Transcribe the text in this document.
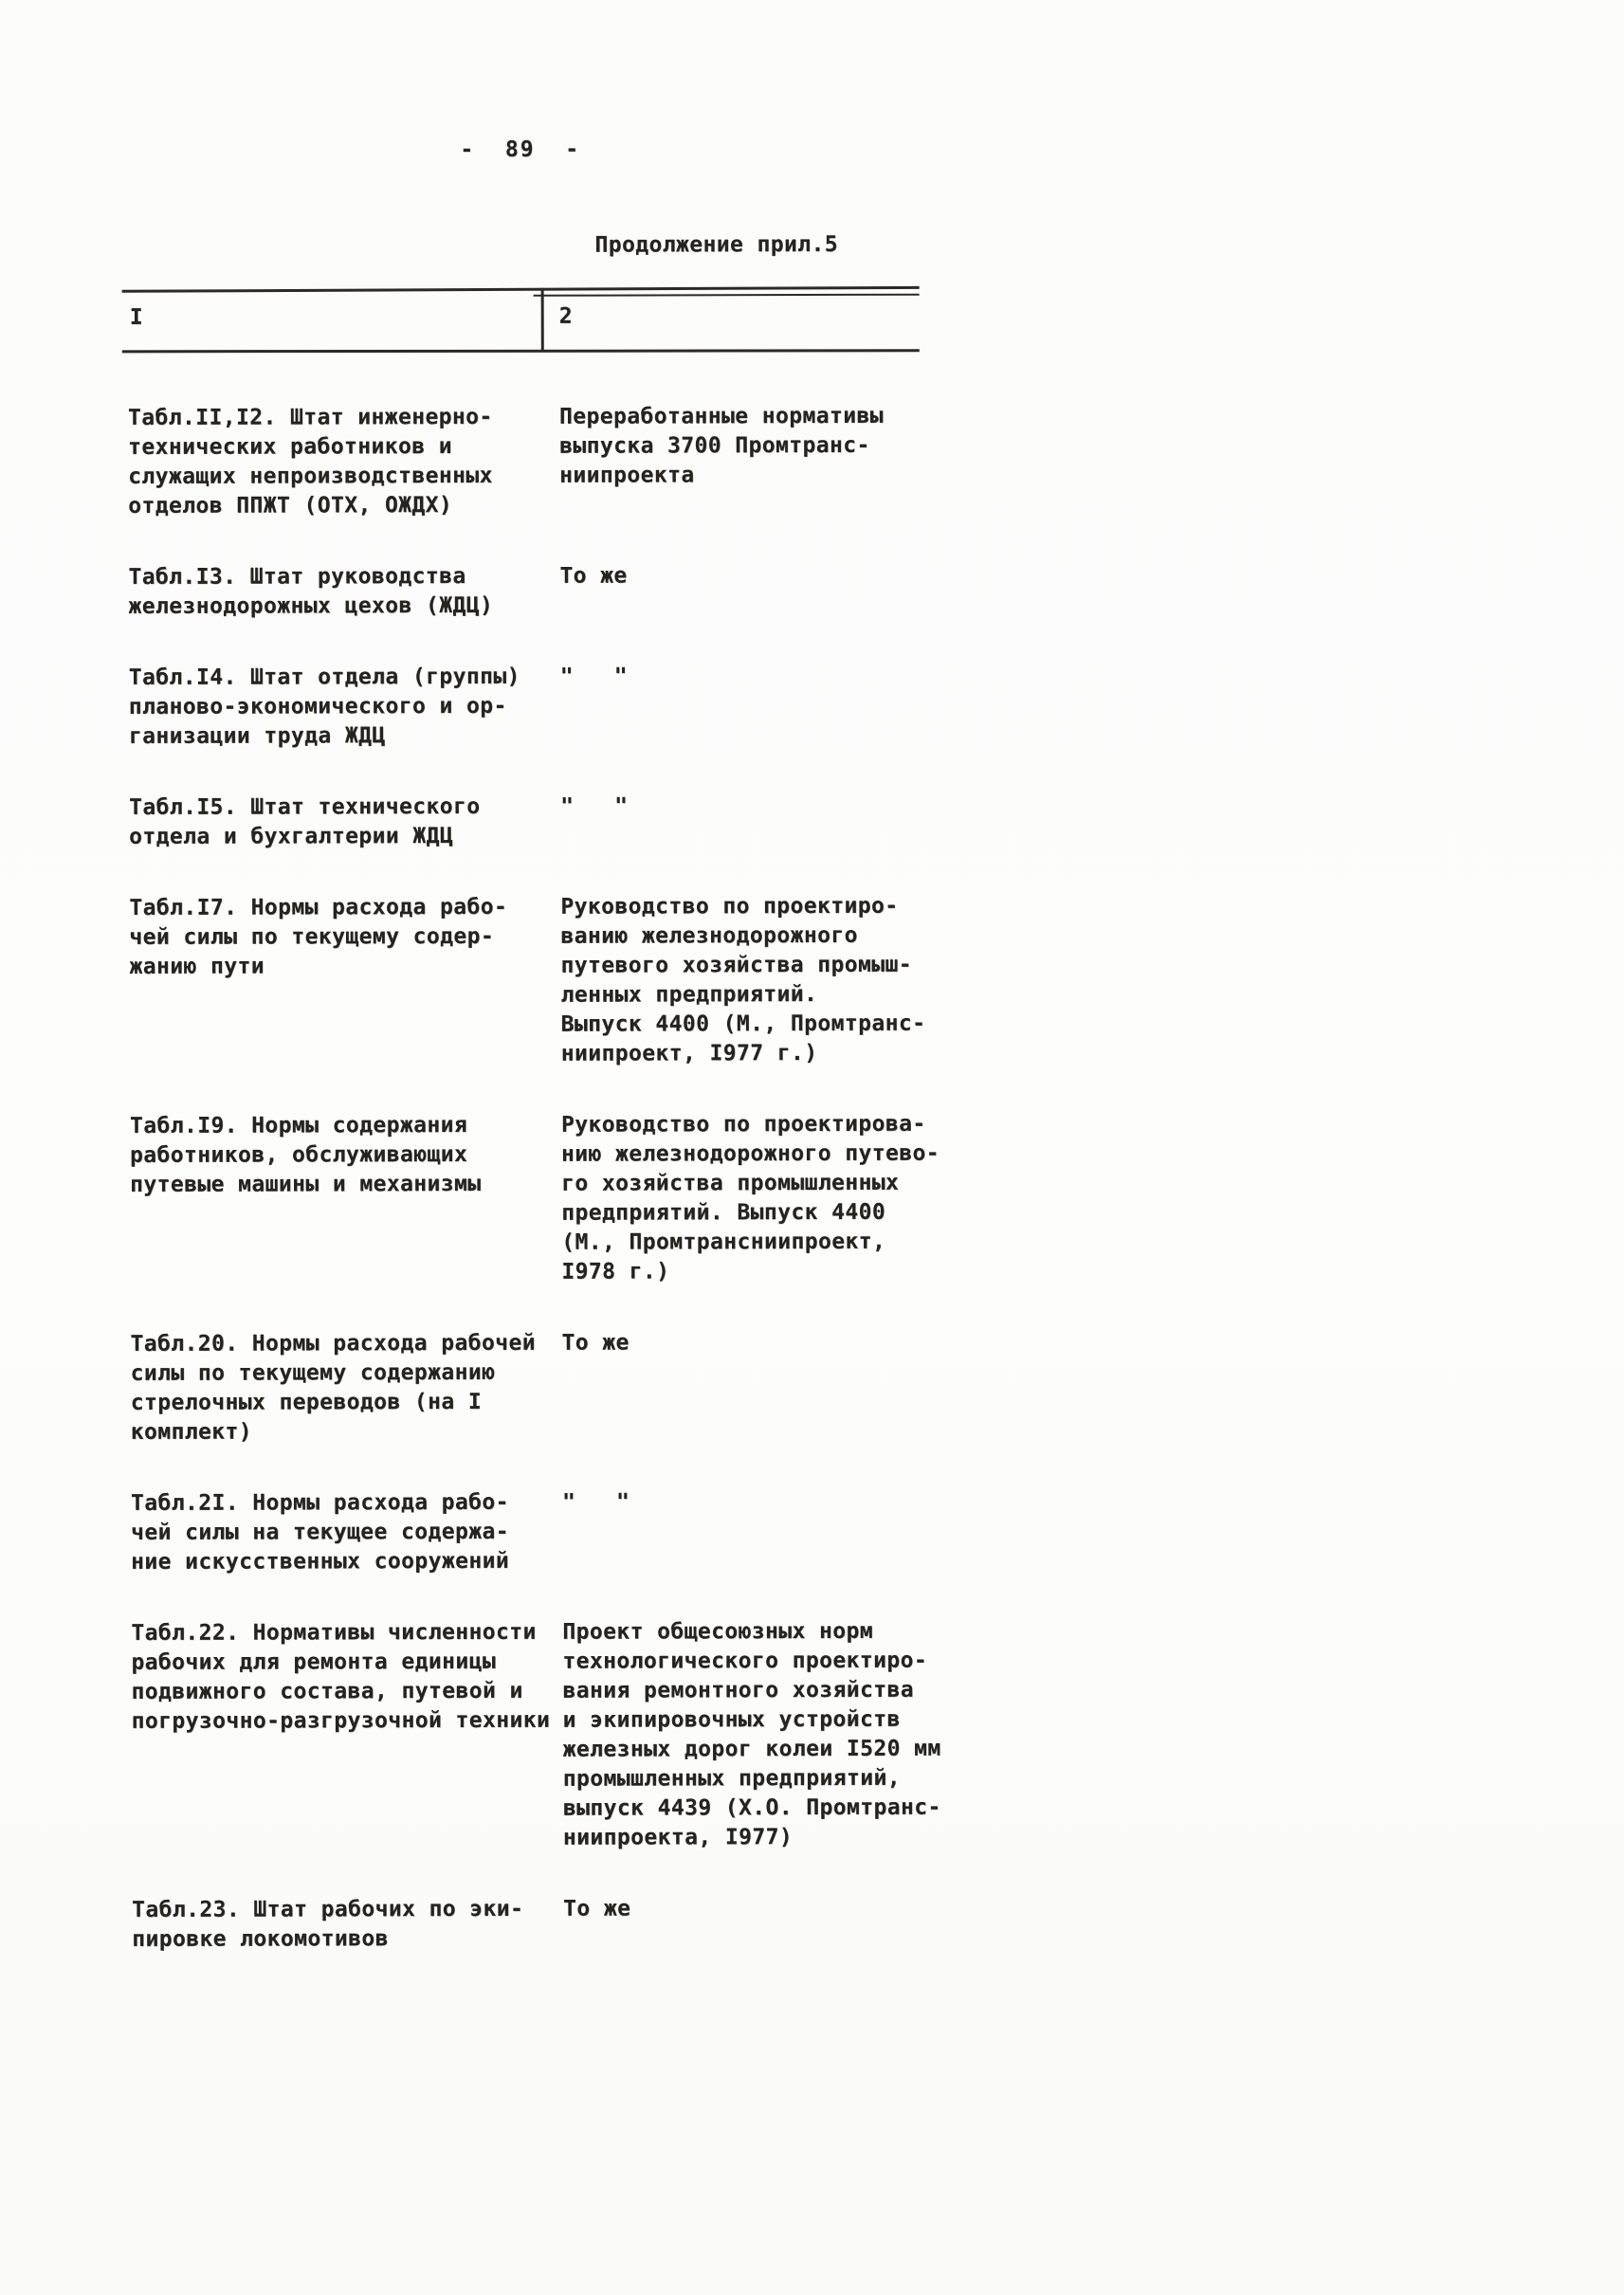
-  89  -
Продолжение прил.5
I	2
Табл.II,I2. Штат инженерно-
технических работников и
служащих непроизводственных
отделов ППЖТ (ОТХ, ОЖДХ)
Переработанные нормативы
выпуска 3700 Промтранс-
ниипроекта
Табл.I3. Штат руководства
железнодорожных цехов (ЖДЦ)
То же
Табл.I4. Штат отдела (группы)
планово-экономического и ор-
ганизации труда ЖДЦ
"   "
Табл.I5. Штат технического
отдела и бухгалтерии ЖДЦ
"   "
Табл.I7. Нормы расхода рабо-
чей силы по текущему содер-
жанию пути
Руководство по проектиро-
ванию железнодорожного
путевого хозяйства промыш-
ленных предприятий.
Выпуск 4400 (М., Промтранс-
ниипроект, I977 г.)
Табл.I9. Нормы содержания
работников, обслуживающих
путевые машины и механизмы
Руководство по проектирова-
нию железнодорожного путево-
го хозяйства промышленных
предприятий. Выпуск 4400
(М., Промтрансниипроект,
I978 г.)
Табл.20. Нормы расхода рабочей
силы по текущему содержанию
стрелочных переводов (на I
комплект)
То же
Табл.2I. Нормы расхода рабо-
чей силы на текущее содержа-
ние искусственных сооружений
"   "
Табл.22. Нормативы численности
рабочих для ремонта единицы
подвижного состава, путевой и
погрузочно-разгрузочной техники
Проект общесоюзных норм
технологического проектиро-
вания ремонтного хозяйства
и экипировочных устройств
железных дорог колеи I520 мм
промышленных предприятий,
выпуск 4439 (Х.О. Промтранс-
ниипроекта, I977)
Табл.23. Штат рабочих по эки-
пировке локомотивов
То же
